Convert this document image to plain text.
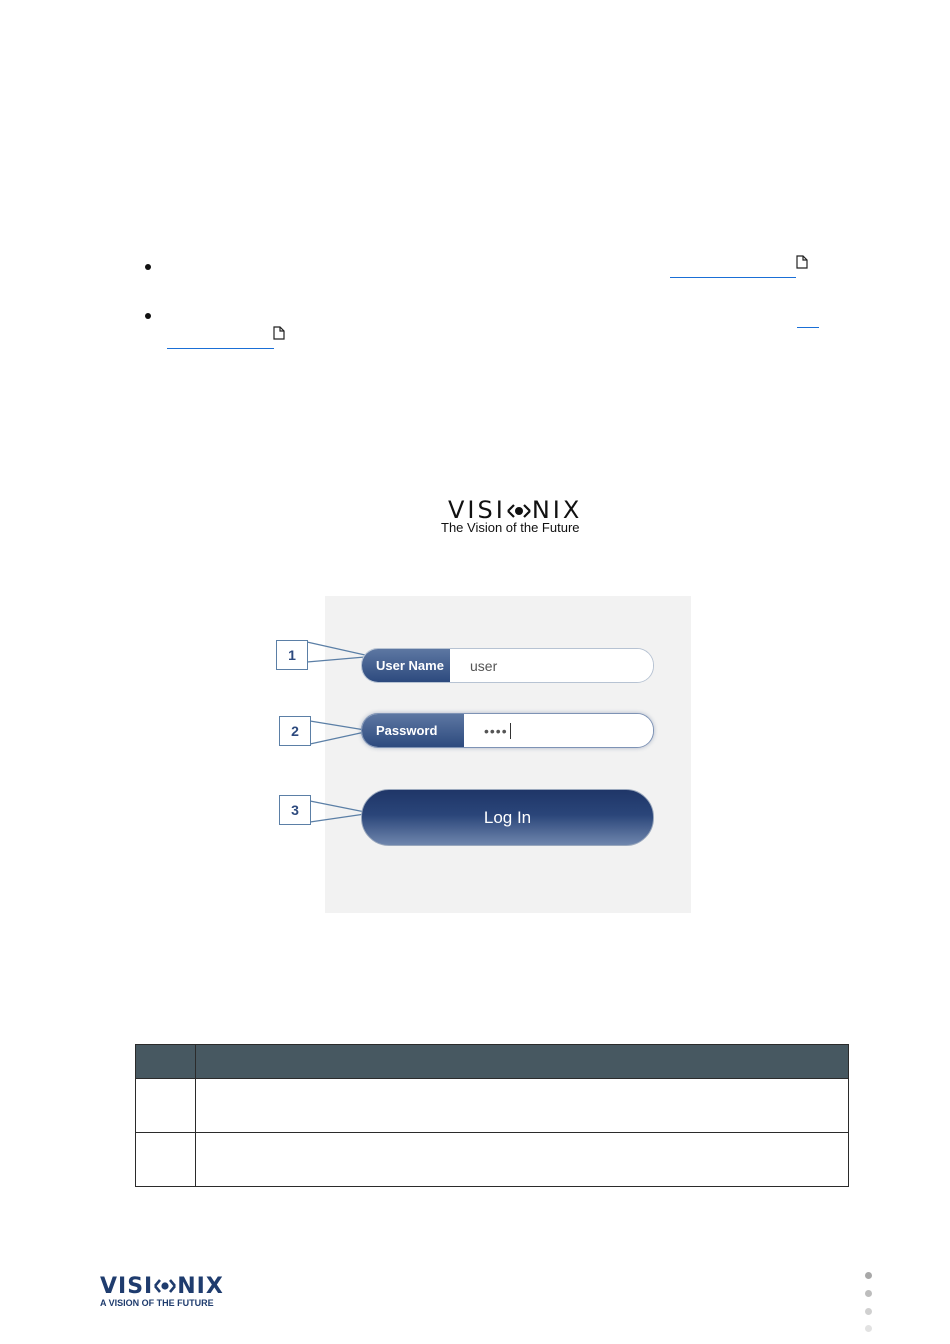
VISI NIX
The Vision of the Future
1
2
3
User Name
user
Password	••••
Log In

VISI NIX
A VISION OF THE FUTURE
